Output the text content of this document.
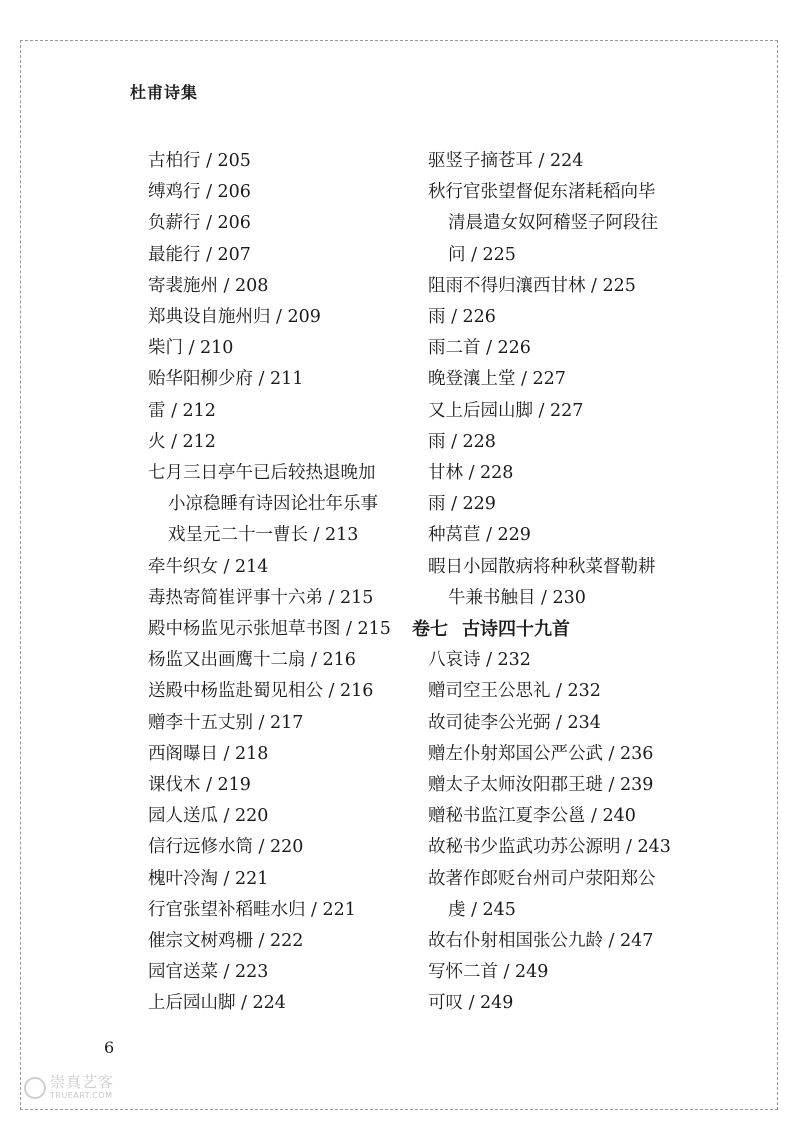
杜甫诗集

古柏行 / 205

缚鸡行 / 206

负薪行 / 206

最能行 / 207

寄裴施州 / 208

郑典设自施州归 / 209

柴门 / 210

贻华阳柳少府 / 211

雷 / 212

火 / 212

七月三日亭午已后较热退晚加
小凉稳睡有诗因论壮年乐事
戏呈元二十一曹长 / 213

牵牛织女 / 214

毒热寄简崔评事十六弟 / 215

殿中杨监见示张旭草书图 / 215

杨监又出画鹰十二扇 / 216

送殿中杨监赴蜀见相公 / 216

赠李十五丈别 / 217

西阁曝日 / 218

课伐木 / 219

园人送瓜 / 220

信行远修水筒 / 220

槐叶冷淘 / 221

行官张望补稻畦水归 / 221

催宗文树鸡栅 / 222

园官送菜 / 223

上后园山脚 / 224

驱竖子摘苍耳 / 224

秋行官张望督促东渚耗稻向毕
清晨遣女奴阿稽竖子阿段往
问 / 225

阻雨不得归瀼西甘林 / 225

雨 / 226

雨二首 / 226

晚登瀼上堂 / 227

又上后园山脚 / 227

雨 / 228

甘林 / 228

雨 / 229

种莴苣 / 229

暇日小园散病将种秋菜督勒耕
牛兼书触目 / 230

卷七 古诗四十九首

八哀诗 / 232

赠司空王公思礼 / 232

故司徒李公光弼 / 234

赠左仆射郑国公严公武 / 236

赠太子太师汝阳郡王琎 / 239

赠秘书监江夏李公邕 / 240

故秘书少监武功苏公源明 / 243

故著作郎贬台州司户荥阳郑公
虔 / 245

故右仆射相国张公九龄 / 247

写怀二首 / 249

可叹 / 249

6
崇真艺客
TRUEART.COM
